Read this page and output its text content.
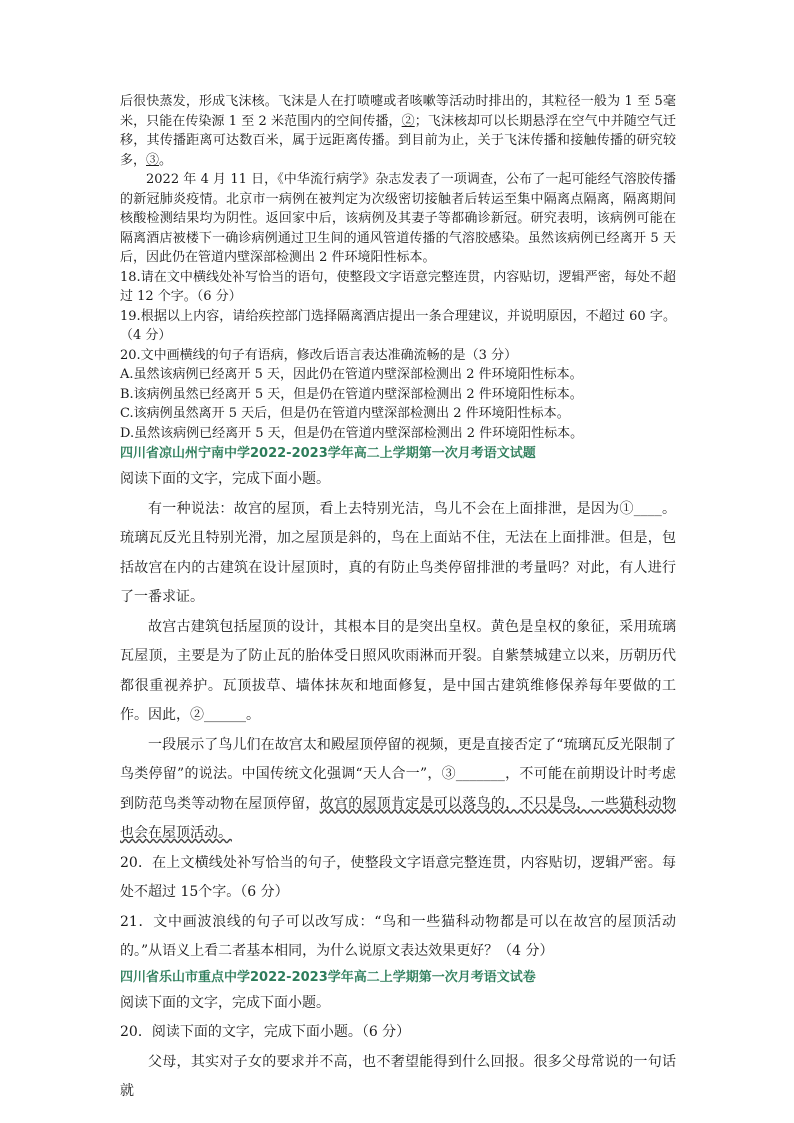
后很快蒸发，形成飞沫核。飞沫是人在打喷嚏或者咳嗽等活动时排出的，其粒径一般为 1 至 5毫米，只能在传染源 1 至 2 米范围内的空间传播，②；飞沫核却可以长期悬浮在空气中并随空气迁移，其传播距离可达数百米，属于远距离传播。到目前为止，关于飞沫传播和接触传播的研究较多，③。

2022 年 4 月 11 日，《中华流行病学》杂志发表了一项调查，公布了一起可能经气溶胶传播的新冠肺炎疫情。北京市一病例在被判定为次级密切接触者后转运至集中隔离点隔离，隔离期间核酸检测结果均为阴性。返回家中后，该病例及其妻子等都确诊新冠。研究表明，该病例可能在隔离酒店被楼下一确诊病例通过卫生间的通风管道传播的气溶胶感染。虽然该病例已经离开 5 天后，因此仍在管道内壁深部检测出 2 件环境阳性标本。

18.请在文中横线处补写恰当的语句，使整段文字语意完整连贯，内容贴切，逻辑严密，每处不超过 12 个字。（6 分）

19.根据以上内容，请给疾控部门选择隔离酒店提出一条合理建议，并说明原因，不超过 60 字。（4 分）

20.文中画横线的句子有语病，修改后语言表达准确流畅的是（3 分）

A.虽然该病例已经离开 5 天，因此仍在管道内壁深部检测出 2 件环境阳性标本。

B.该病例虽然已经离开 5 天，但是仍在管道内壁深部检测出 2 件环境阳性标本。

C.该病例虽然离开 5 天后，但是仍在管道内壁深部检测出 2 件环境阳性标本。

D.虽然该病例已经离开 5 天，但是仍在管道内壁深部检测出 2 件环境阳性标本。

四川省凉山州宁南中学2022-2023学年高二上学期第一次月考语文试题

阅读下面的文字，完成下面小题。

有一种说法：故宫的屋顶，看上去特别光洁，鸟儿不会在上面排泄，是因为①____。琉璃瓦反光且特别光滑，加之屋顶是斜的，鸟在上面站不住，无法在上面排泄。但是，包括故宫在内的古建筑在设计屋顶时，真的有防止鸟类停留排泄的考量吗？对此，有人进行了一番求证。

故宫古建筑包括屋顶的设计，其根本目的是突出皇权。黄色是皇权的象征，采用琉璃瓦屋顶，主要是为了防止瓦的胎体受日照风吹雨淋而开裂。自紫禁城建立以来，历朝历代都很重视养护。瓦顶拔草、墙体抹灰和地面修复，是中国古建筑维修保养每年要做的工作。因此，②______。

一段展示了鸟儿们在故宫太和殿屋顶停留的视频，更是直接否定了“琉璃瓦反光限制了鸟类停留”的说法。中国传统文化强调“天人合一”，③_______，不可能在前期设计时考虑到防范鸟类等动物在屋顶停留，故宫的屋顶肯定是可以落鸟的，不只是鸟，一些猫科动物也会在屋顶活动。

20．在上文横线处补写恰当的句子，使整段文字语意完整连贯，内容贴切，逻辑严密。每处不超过 15个字。（6 分）

21．文中画波浪线的句子可以改写成：“鸟和一些猫科动物都是可以在故宫的屋顶活动的。”从语义上看二者基本相同，为什么说原文表达效果更好？（4 分）

四川省乐山市重点中学2022-2023学年高二上学期第一次月考语文试卷

阅读下面的文字，完成下面小题。

20．阅读下面的文字，完成下面小题。（6 分）

父母，其实对子女的要求并不高，也不奢望能得到什么回报。很多父母常说的一句话就
